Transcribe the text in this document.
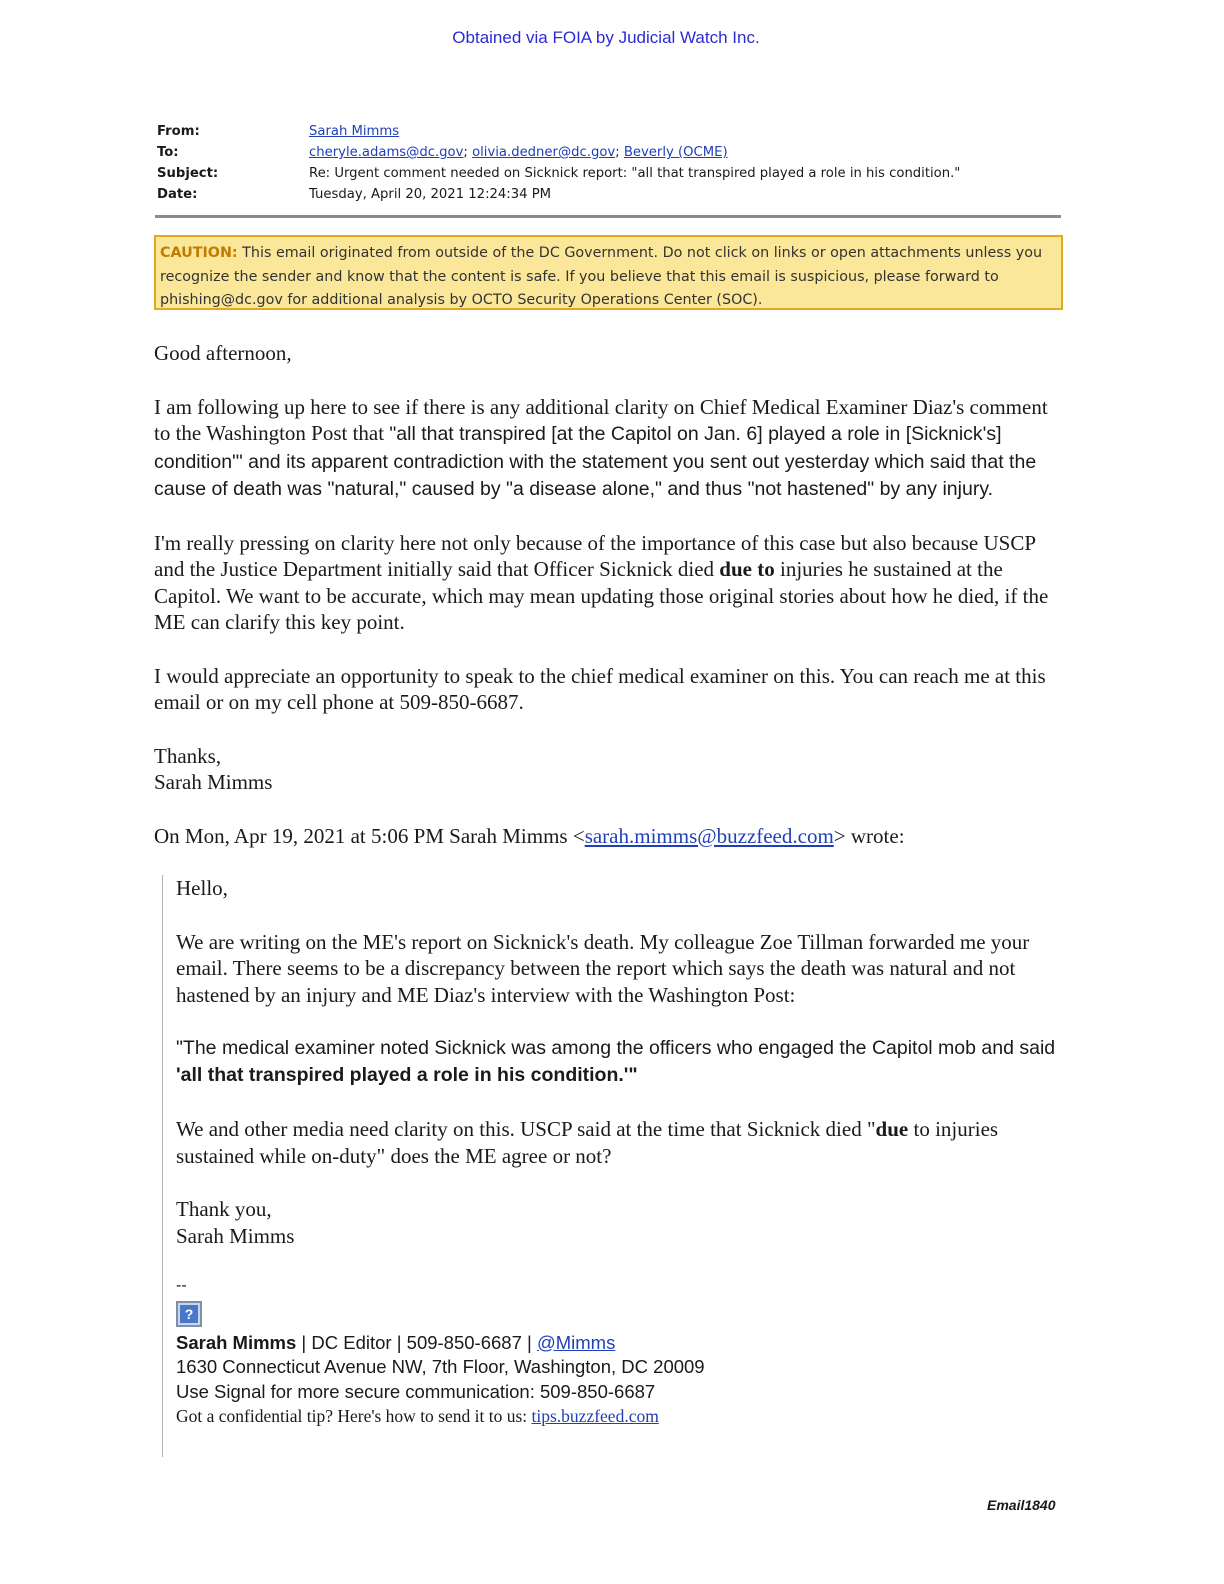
Obtained via FOIA by Judicial Watch Inc.
From:	Sarah Mimms
To:	cheryle.adams@dc.gov; olivia.dedner@dc.gov; Beverly (OCME)
Subject:	Re: Urgent comment needed on Sicknick report: "all that transpired played a role in his condition."
Date:	Tuesday, April 20, 2021 12:24:34 PM
CAUTION: This email originated from outside of the DC Government. Do not click on links or open attachments unless you recognize the sender and know that the content is safe. If you believe that this email is suspicious, please forward to phishing@dc.gov for additional analysis by OCTO Security Operations Center (SOC).

Good afternoon,

I am following up here to see if there is any additional clarity on Chief Medical Examiner Diaz's comment to the Washington Post that "all that transpired [at the Capitol on Jan. 6] played a role in [Sicknick's] condition'" and its apparent contradiction with the statement you sent out yesterday which said that the cause of death was "natural," caused by "a disease alone," and thus "not hastened" by any injury.

I'm really pressing on clarity here not only because of the importance of this case but also because USCP and the Justice Department initially said that Officer Sicknick died due to injuries he sustained at the Capitol. We want to be accurate, which may mean updating those original stories about how he died, if the ME can clarify this key point.

I would appreciate an opportunity to speak to the chief medical examiner on this. You can reach me at this email or on my cell phone at 509-850-6687.

Thanks,
Sarah Mimms

On Mon, Apr 19, 2021 at 5:06 PM Sarah Mimms <sarah.mimms@buzzfeed.com> wrote:

Hello,

We are writing on the ME's report on Sicknick's death. My colleague Zoe Tillman forwarded me your email. There seems to be a discrepancy between the report which says the death was natural and not hastened by an injury and ME Diaz's interview with the Washington Post:

"The medical examiner noted Sicknick was among the officers who engaged the Capitol mob and said 'all that transpired played a role in his condition.'"

We and other media need clarity on this. USCP said at the time that Sicknick died "due to injuries sustained while on-duty" does the ME agree or not?

Thank you,
Sarah Mimms

--
?
Sarah Mimms | DC Editor | 509-850-6687 | @Mimms
1630 Connecticut Avenue NW, 7th Floor, Washington, DC 20009
Use Signal for more secure communication: 509-850-6687
Got a confidential tip? Here's how to send it to us: tips.buzzfeed.com
Email1840
